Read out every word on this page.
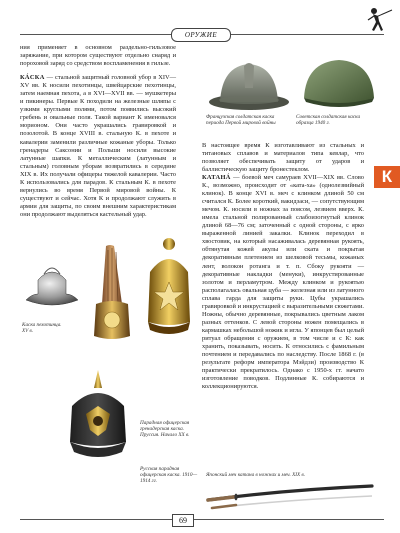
ОРУЖИЕ

ния применяет в основном раздельно-гильзовое заряжание, при котором существуют отдельно снаряд и пороховой заряд со средством воспламенения в гильзе.

КÁСКА — стальной защитный головной убор в XIV—XV вв. К носили пехотинцы, швейцарские пехотинцы, затем наемная пехота, а в XVI—XVII вв. — мушкетеры и пикинеры. Первые К походили на железные шляпы с узкими круглыми полями, потом появились высокий гребень и овальные поля. Такой вариант К именовался морионом. Они часто украшались гравировкой и позолотой. В конце XVIII в. стальную К. в пехоте и кавалерии заменили различные кожаные уборы. Только гренадеры Саксонии и Польши носили высокие латунные шапки. К металлическим (латунным и стальным) головным уборам возвратились в середине XIX в. Их получали офицеры тяжелой кавалерии. Часто К использовались для парадов. К стальным К. в пехоте вернулись во время Первой мировой войны. К существуют и сейчас. Хотя К и продолжают служить в армии для защиты, по своим внешним характеристикам они продолжают выделяться кастельный удар.

Французская солдатская каска периода Первой мировой войны
Советская солдатская каска образца 1940 г.

В настоящее время К изготавливают из стальных и титановых сплавов и материалов типа кевлар, что позволяет обеспечивать защиту от ударов и баллистическую защиту бронестеклом.	К

КАТАНÁ — боевой меч самураев XVII—XIX вв. Слово К., возможно, происходит от «ката-ха» (однолезвийный клинок). В конце XVI в. меч с клинком длиной 50 см считался К. Более короткий, вакидзаси, — сопутствующим мечом. К. носили в ножнах за поясом, лезвием вверх. К. имела стальной полированный слабоизогнутый клинок длиной 68—76 см; заточенный с одной стороны, с ярко выраженной линией закалки. Клинок переходил в хвостовик, на который насаживалась деревянная рукоять, обтянутая кожей акулы или ската и покрытая декоративным плетением из шелковой тесьмы, кожаных лент, волокон ротанга и т. п. Сбоку рукояти — декоративные накладки (менуки), инкрустированные золотом и перламутром. Между клинком и рукоятью располагалась овальная цуба — железная или из латунного сплава гарда для защиты руки. Цубы украшались гравировкой и инкрустацией с выразительными сюжетами. Ножны, обычно деревянные, покрывались цветным лаком разных оттенков. С левой стороны ножен помещались в кармашках небольшой ножик и игла. У японцев был целый ритуал обращения с оружием, в том числе и с К: как хранить, показывать, носить. К относились с фамильным почтением и передавались по наследству. После 1868 г. (в результате реформ императора Мэйдзи) производство К практически прекратилось. Однако с 1950-х гг. начато изготовление поводков. Подлинные К. собираются и коллекционируются.

Каска пехотинца. XV в.
Парадная офицерская гренадерская каска. Пруссия. Начало XX в.
Русская парадная офицерская каска. 1910—1914 гг.
Японский меч катана в ножнах и меч. XIX в.
69
